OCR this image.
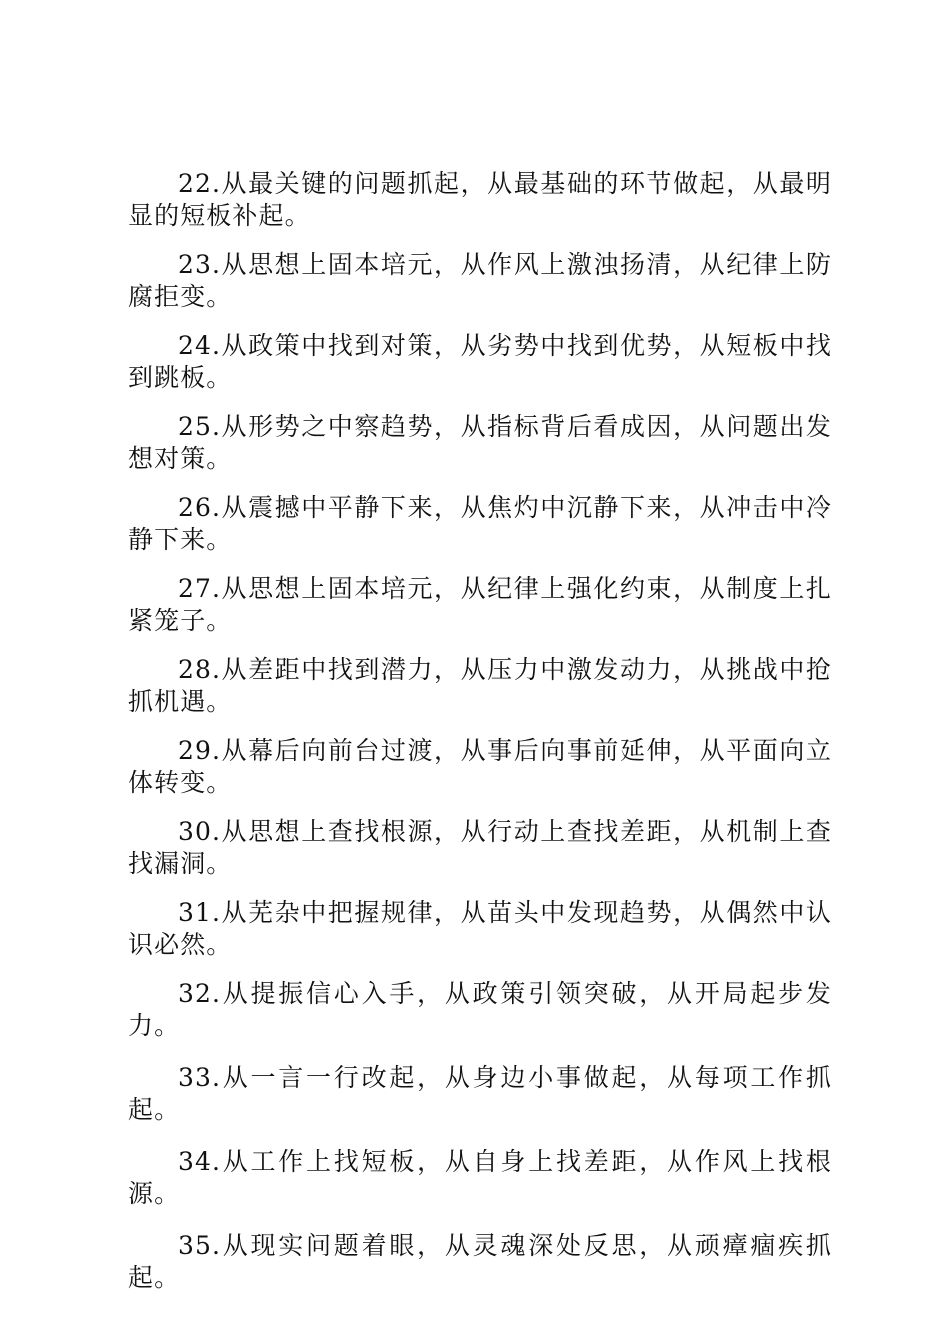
22.从最关键的问题抓起，从最基础的环节做起，从最明显的短板补起。

23.从思想上固本培元，从作风上激浊扬清，从纪律上防腐拒变。

24.从政策中找到对策，从劣势中找到优势，从短板中找到跳板。

25.从形势之中察趋势，从指标背后看成因，从问题出发想对策。

26.从震撼中平静下来，从焦灼中沉静下来，从冲击中冷静下来。

27.从思想上固本培元，从纪律上强化约束，从制度上扎紧笼子。

28.从差距中找到潜力，从压力中激发动力，从挑战中抢抓机遇。

29.从幕后向前台过渡，从事后向事前延伸，从平面向立体转变。

30.从思想上查找根源，从行动上查找差距，从机制上查找漏洞。

31.从芜杂中把握规律，从苗头中发现趋势，从偶然中认识必然。

32.从提振信心入手，从政策引领突破，从开局起步发力。

33.从一言一行改起，从身边小事做起，从每项工作抓起。

34.从工作上找短板，从自身上找差距，从作风上找根源。

35.从现实问题着眼，从灵魂深处反思，从顽瘴痼疾抓起。
